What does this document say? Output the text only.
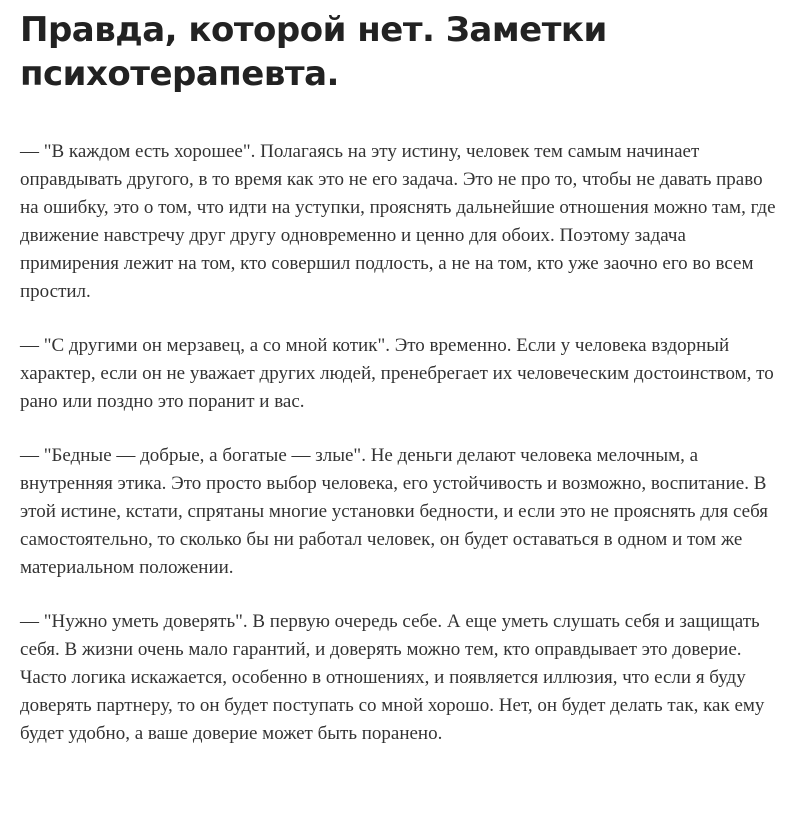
Правда, которой нет. Заметки психотерапевта.

— "В каждом есть хорошее". Полагаясь на эту истину, человек тем самым начинает оправдывать другого, в то время как это не его задача. Это не про то, чтобы не давать право на ошибку, это о том, что идти на уступки, прояснять дальнейшие отношения можно там, где движение навстречу друг другу одновременно и ценно для обоих. Поэтому задача примирения лежит на том, кто совершил подлость, а не на том, кто уже заочно его во всем простил.

— "С другими он мерзавец, а со мной котик". Это временно. Если у человека вздорный характер, если он не уважает других людей, пренебрегает их человеческим достоинством, то рано или поздно это поранит и вас.

— "Бедные — добрые, а богатые — злые". Не деньги делают человека мелочным, а внутренняя этика. Это просто выбор человека, его устойчивость и возможно, воспитание. В этой истине, кстати, спрятаны многие установки бедности, и если это не прояснять для себя самостоятельно, то сколько бы ни работал человек, он будет оставаться в одном и том же материальном положении.

— "Нужно уметь доверять". В первую очередь себе. А еще уметь слушать себя и защищать себя. В жизни очень мало гарантий, и доверять можно тем, кто оправдывает это доверие. Часто логика искажается, особенно в отношениях, и появляется иллюзия, что если я буду доверять партнеру, то он будет поступать со мной хорошо. Нет, он будет делать так, как ему будет удобно, а ваше доверие может быть поранено.
